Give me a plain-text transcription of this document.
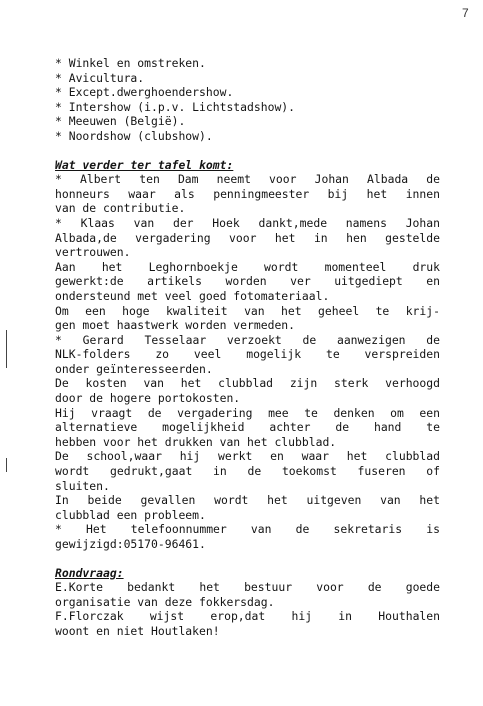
7
* Winkel en omstreken.
* Avicultura.
* Except.dwerghoendershow.
* Intershow (i.p.v. Lichtstadshow).
* Meeuwen (België).
* Noordshow (clubshow).
Wat verder ter tafel komt:
* Albert ten Dam neemt voor Johan Albada de
honneurs waar als penningmeester bij het innen
van de contributie.
* Klaas van der Hoek dankt,mede namens Johan
Albada,de vergadering voor het in hen gestelde
vertrouwen.
Aan het Leghornboekje wordt momenteel druk
gewerkt:de artikels worden ver uitgediept en
ondersteund met veel goed fotomateriaal.
Om een hoge kwaliteit van het geheel te krij-
gen moet haastwerk worden vermeden.
* Gerard Tesselaar verzoekt de aanwezigen de
NLK-folders zo veel mogelijk te verspreiden
onder geïnteresseerden.
De kosten van het clubblad zijn sterk verhoogd
door de hogere portokosten.
Hij vraagt de vergadering mee te denken om een
alternatieve mogelijkheid achter de hand te
hebben voor het drukken van het clubblad.
De school,waar hij werkt en waar het clubblad
wordt gedrukt,gaat in de toekomst fuseren of
sluiten.
In beide gevallen wordt het uitgeven van het
clubblad een probleem.
* Het telefoonnummer van de sekretaris is
gewijzigd:05170-96461.
Rondvraag:
E.Korte bedankt het bestuur voor de goede
organisatie van deze fokkersdag.
F.Florczak wijst erop,dat hij in Houthalen
woont en niet Houtlaken!
